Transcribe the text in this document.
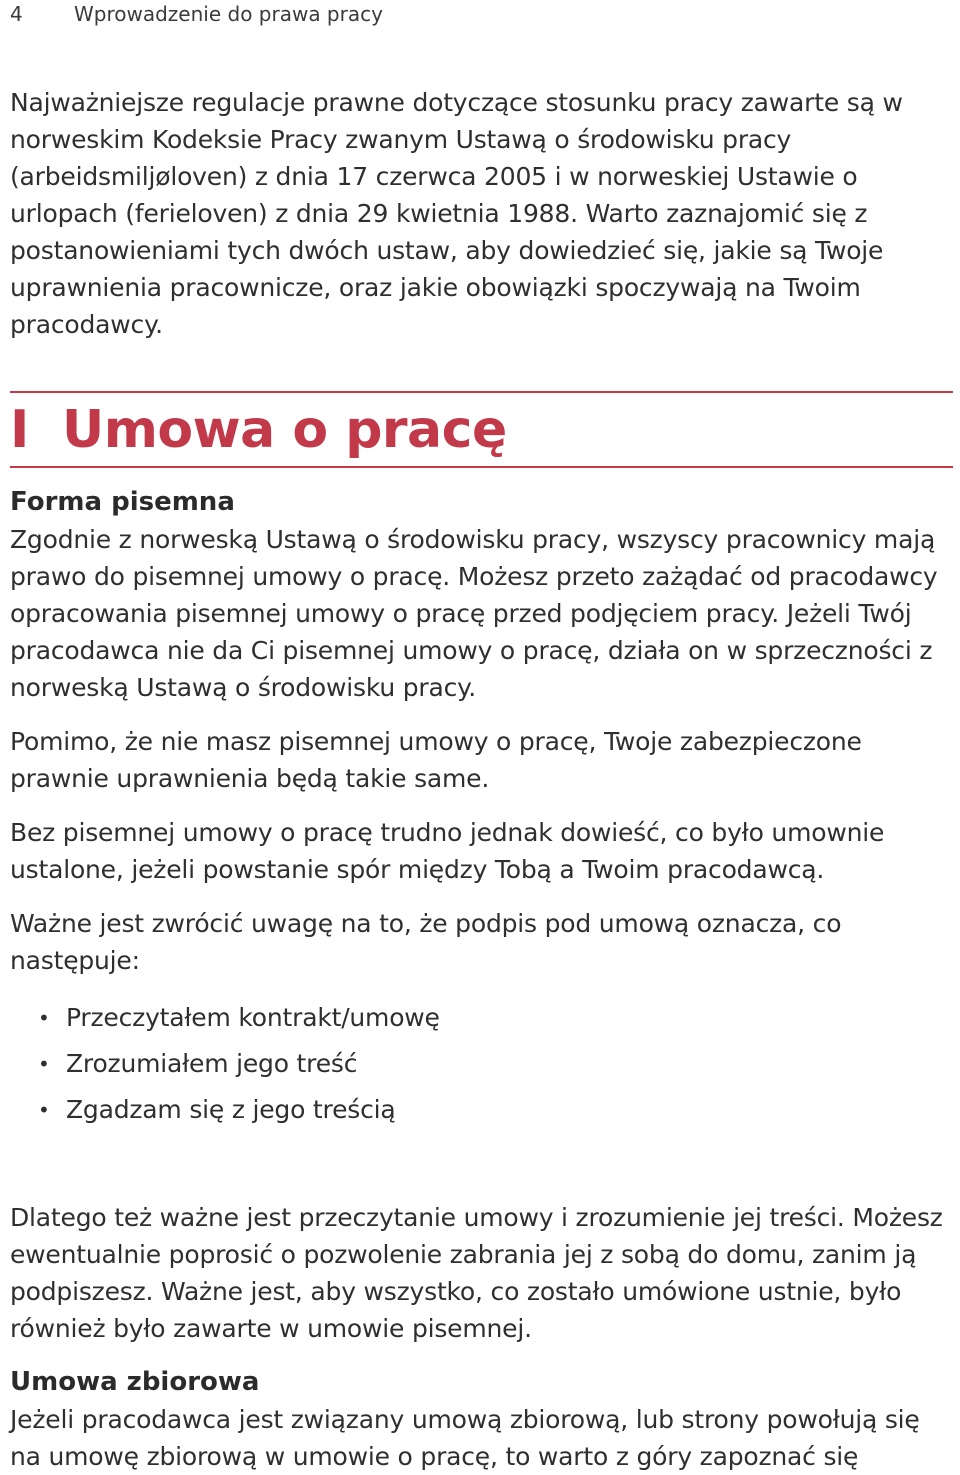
4	Wprowadzenie do prawa pracy

Najważniejsze regulacje prawne dotyczące stosunku pracy zawarte są w norweskim Kodeksie Pracy zwanym Ustawą o środowisku pracy (arbeidsmiljøloven) z dnia 17 czerwca 2005 i w norweskiej Ustawie o urlopach (ferieloven) z dnia 29 kwietnia 1988. Warto zaznajomić się z postanowieniami tych dwóch ustaw, aby dowiedzieć się, jakie są Twoje uprawnienia pracownicze, oraz jakie obowiązki spoczywają na Twoim pracodawcy.

I Umowa o pracę
Forma pisemna

Zgodnie z norweską Ustawą o środowisku pracy, wszyscy pracownicy mają prawo do pisemnej umowy o pracę. Możesz przeto zażądać od pracodawcy opracowania pisemnej umowy o pracę przed podjęciem pracy. Jeżeli Twój pracodawca nie da Ci pisemnej umowy o pracę, działa on w sprzeczności z norweską Ustawą o środowisku pracy.

Pomimo, że nie masz pisemnej umowy o pracę, Twoje zabezpieczone prawnie uprawnienia będą takie same.

Bez pisemnej umowy o pracę trudno jednak dowieść, co było umownie ustalone, jeżeli powstanie spór między Tobą a Twoim pracodawcą.

Ważne jest zwrócić uwagę na to, że podpis pod umową oznacza, co następuje:

• Przeczytałem kontrakt/umowę
• Zrozumiałem jego treść
• Zgadzam się z jego treścią

Dlatego też ważne jest przeczytanie umowy i zrozumienie jej treści. Możesz ewentualnie poprosić o pozwolenie zabrania jej z sobą do domu, zanim ją podpiszesz. Ważne jest, aby wszystko, co zostało umówione ustnie, było również było zawarte w umowie pisemnej.

Umowa zbiorowa

Jeżeli pracodawca jest związany umową zbiorową, lub strony powołują się na umowę zbiorową w umowie o pracę, to warto z góry zapoznać się
